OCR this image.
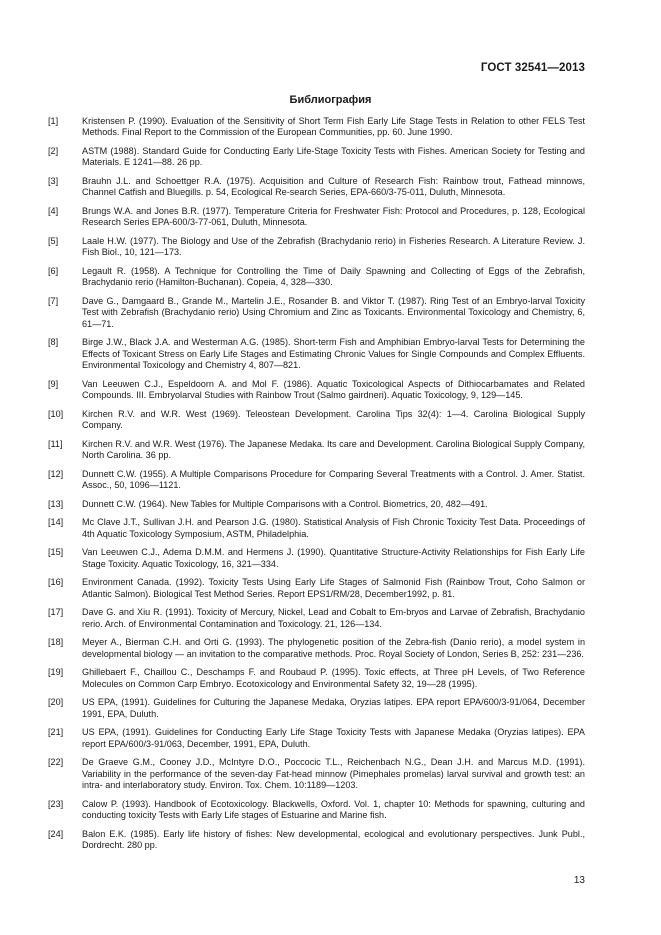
ГОСТ 32541—2013
Библиография
[1]	Kristensen P. (1990). Evaluation of the Sensitivity of Short Term Fish Early Life Stage Tests in Relation to other FELS Test Methods. Final Report to the Commission of the European Communities, pp. 60. June 1990.
[2]	ASTM (1988). Standard Guide for Conducting Early Life-Stage Toxicity Tests with Fishes. American Society for Testing and Materials. E 1241—88. 26 pp.
[3]	Brauhn J.L. and Schoettger R.A. (1975). Acquisition and Culture of Research Fish: Rainbow trout, Fathead minnows, Channel Catfish and Bluegills. p. 54, Ecological Re-search Series, EPA-660/3-75-011, Duluth, Minnesota.
[4]	Brungs W.A. and Jones B.R. (1977). Temperature Criteria for Freshwater Fish: Protocol and Procedures, p. 128, Ecological Research Series EPA-600/3-77-061, Duluth, Minnesota.
[5]	Laale H.W. (1977). The Biology and Use of the Zebrafish (Brachydanio rerio) in Fisheries Research. A Literature Review. J. Fish Biol., 10, 121—173.
[6]	Legault R. (1958). A Technique for Controlling the Time of Daily Spawning and Collecting of Eggs of the Zebrafish, Brachydanio rerio (Hamilton-Buchanan). Copeia, 4, 328—330.
[7]	Dave G., Damgaard B., Grande M., Martelin J.E., Rosander B. and Viktor T. (1987). Ring Test of an Embryo-larval Toxicity Test with Zebrafish (Brachydanio rerio) Using Chromium and Zinc as Toxicants. Environmental Toxicology and Chemistry, 6, 61—71.
[8]	Birge J.W., Black J.A. and Westerman A.G. (1985). Short-term Fish and Amphibian Embryo-larval Tests for Determining the Effects of Toxicant Stress on Early Life Stages and Estimating Chronic Values for Single Compounds and Complex Effluents. Environmental Toxicology and Chemistry 4, 807—821.
[9]	Van Leeuwen C.J., Espeldoorn A. and Mol F. (1986). Aquatic Toxicological Aspects of Dithiocarbamates and Related Compounds. III. Embryolarval Studies with Rainbow Trout (Salmo gairdneri). Aquatic Toxicology, 9, 129—145.
[10]	Kirchen R.V. and W.R. West (1969). Teleostean Development. Carolina Tips 32(4): 1—4. Carolina Biological Supply Company.
[11]	Kirchen R.V. and W.R. West (1976). The Japanese Medaka. Its care and Development. Carolina Biological Supply Company, North Carolina. 36 pp.
[12]	Dunnett C.W. (1955). A Multiple Comparisons Procedure for Comparing Several Treatments with a Control. J. Amer. Statist. Assoc., 50, 1096—1121.
[13]	Dunnett C.W. (1964). New Tables for Multiple Comparisons with a Control. Biometrics, 20, 482—491.
[14]	Mc Clave J.T., Sullivan J.H. and Pearson J.G. (1980). Statistical Analysis of Fish Chronic Toxicity Test Data. Proceedings of 4th Aquatic Toxicology Symposium, ASTM, Philadelphia.
[15]	Van Leeuwen C.J., Adema D.M.M. and Hermens J. (1990). Quantitative Structure-Activity Relationships for Fish Early Life Stage Toxicity. Aquatic Toxicology, 16, 321—334.
[16]	Environment Canada. (1992). Toxicity Tests Using Early Life Stages of Salmonid Fish (Rainbow Trout, Coho Salmon or Atlantic Salmon). Biological Test Method Series. Report EPS1/RM/28, December1992, p. 81.
[17]	Dave G. and Xiu R. (1991). Toxicity of Mercury, Nickel, Lead and Cobalt to Em-bryos and Larvae of Zebrafish, Brachydanio rerio. Arch. of Environmental Contamination and Toxicology. 21, 126—134.
[18]	Meyer A., Bierman C.H. and Orti G. (1993). The phylogenetic position of the Zebra-fish (Danio rerio), a model system in developmental biology — an invitation to the comparative methods. Proc. Royal Society of London, Series B, 252: 231—236.
[19]	Ghillebaert F., Chaillou C., Deschamps F. and Roubaud P. (1995). Toxic effects, at Three pH Levels, of Two Reference Molecules on Common Carp Embryo. Ecotoxicology and Environmental Safety 32, 19—28 (1995).
[20]	US EPA, (1991). Guidelines for Culturing the Japanese Medaka, Oryzias latipes. EPA report EPA/600/3-91/064, December 1991, EPA, Duluth.
[21]	US EPA, (1991). Guidelines for Conducting Early Life Stage Toxicity Tests with Japanese Medaka (Oryzias latipes). EPA report EPA/600/3-91/063, December, 1991, EPA, Duluth.
[22]	De Graeve G.M., Cooney J.D., McIntyre D.O., Poccocic T.L., Reichenbach N.G., Dean J.H. and Marcus M.D. (1991). Variability in the performance of the seven-day Fat-head minnow (Pimephales promelas) larval survival and growth test: an intra- and interlaboratory study. Environ. Tox. Chem. 10:1189—1203.
[23]	Calow P. (1993). Handbook of Ecotoxicology. Blackwells, Oxford. Vol. 1, chapter 10: Methods for spawning, culturing and conducting toxicity Tests with Early Life stages of Estuarine and Marine fish.
[24]	Balon E.K. (1985). Early life history of fishes: New developmental, ecological and evolutionary perspectives. Junk Publ., Dordrecht. 280 pp.
13
